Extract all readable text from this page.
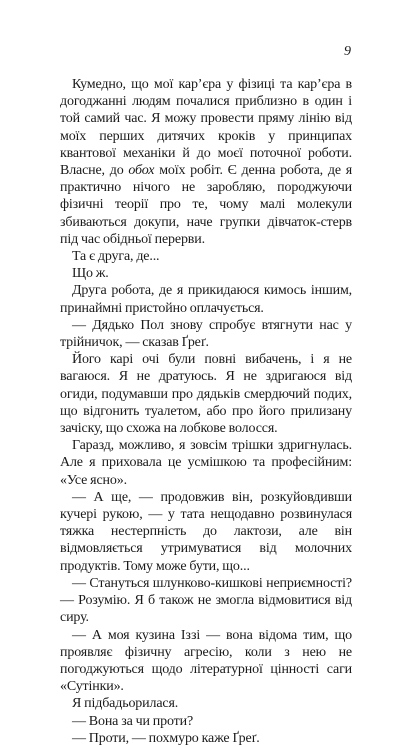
9

Кумедно, що мої кар’єра у фізиці та кар’єра в догоджанні людям почалися приблизно в один і той самий час. Я можу провести пряму лінію від моїх перших дитячих кроків у принципах квантової механіки й до моєї поточної роботи. Власне, до обох моїх робіт. Є денна робота, де я практично нічого не заробляю, породжуючи фізичні теорії про те, чому малі молекули збиваються докупи, наче групки дівчаток-стерв під час обідньої перерви.

Та є друга, де...

Що ж.

Друга робота, де я прикидаюся кимось іншим, принаймні пристойно оплачується.

— Дядько Пол знову спробує втягнути нас у трійничок, — сказав Ґреґ.

Його карі очі були повні вибачень, і я не вагаюся. Я не дратуюсь. Я не здригаюся від огиди, подумавши про дядьків смердючий подих, що відгонить туалетом, або про його прилизану зачіску, що схожа на лобкове волосся.

Гаразд, можливо, я зовсім трішки здригнулась. Але я приховала це усмішкою та професійним: «Усе ясно».

— А ще, — продовжив він, розкуйовдивши кучері рукою, — у тата нещодавно розвинулася тяжка нестерпність до лактози, але він відмовляється утримуватися від молочних продуктів. Тому може бути, що...

— Стануться шлунково-кишкові неприємності? — Розумію. Я б також не змогла відмовитися від сиру.

— А моя кузина Іззі — вона відома тим, що проявляє фізичну агресію, коли з нею не погоджуються щодо літературної цінності саги «Сутінки».

Я підбадьорилася.

— Вона за чи проти?

— Проти, — похмуро каже Ґреґ.
